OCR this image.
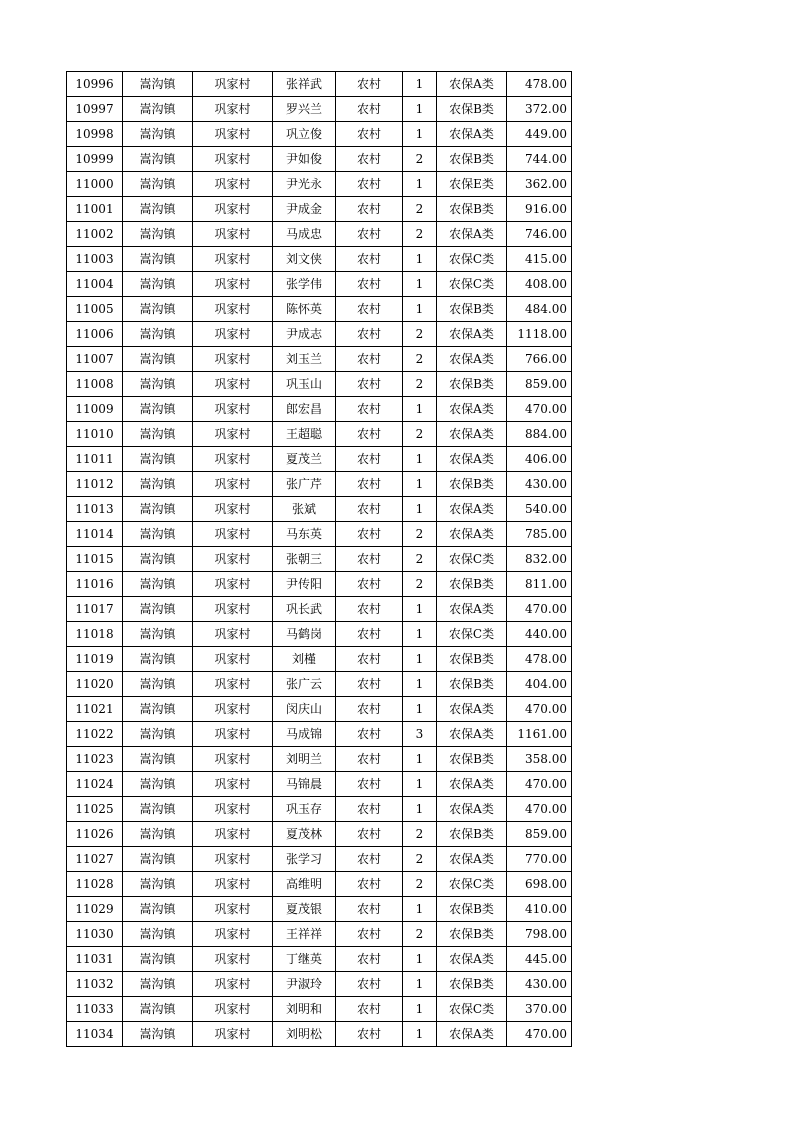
10996	嵩沟镇	巩家村	张祥武	农村	1	农保A类	478.00
10997	嵩沟镇	巩家村	罗兴兰	农村	1	农保B类	372.00
10998	嵩沟镇	巩家村	巩立俊	农村	1	农保A类	449.00
10999	嵩沟镇	巩家村	尹如俊	农村	2	农保B类	744.00
11000	嵩沟镇	巩家村	尹光永	农村	1	农保E类	362.00
11001	嵩沟镇	巩家村	尹成金	农村	2	农保B类	916.00
11002	嵩沟镇	巩家村	马成忠	农村	2	农保A类	746.00
11003	嵩沟镇	巩家村	刘文侠	农村	1	农保C类	415.00
11004	嵩沟镇	巩家村	张学伟	农村	1	农保C类	408.00
11005	嵩沟镇	巩家村	陈怀英	农村	1	农保B类	484.00
11006	嵩沟镇	巩家村	尹成志	农村	2	农保A类	1118.00
11007	嵩沟镇	巩家村	刘玉兰	农村	2	农保A类	766.00
11008	嵩沟镇	巩家村	巩玉山	农村	2	农保B类	859.00
11009	嵩沟镇	巩家村	郎宏昌	农村	1	农保A类	470.00
11010	嵩沟镇	巩家村	王超聪	农村	2	农保A类	884.00
11011	嵩沟镇	巩家村	夏茂兰	农村	1	农保A类	406.00
11012	嵩沟镇	巩家村	张广芹	农村	1	农保B类	430.00
11013	嵩沟镇	巩家村	张斌	农村	1	农保A类	540.00
11014	嵩沟镇	巩家村	马东英	农村	2	农保A类	785.00
11015	嵩沟镇	巩家村	张朝三	农村	2	农保C类	832.00
11016	嵩沟镇	巩家村	尹传阳	农村	2	农保B类	811.00
11017	嵩沟镇	巩家村	巩长武	农村	1	农保A类	470.00
11018	嵩沟镇	巩家村	马鹤岗	农村	1	农保C类	440.00
11019	嵩沟镇	巩家村	刘槿	农村	1	农保B类	478.00
11020	嵩沟镇	巩家村	张广云	农村	1	农保B类	404.00
11021	嵩沟镇	巩家村	闵庆山	农村	1	农保A类	470.00
11022	嵩沟镇	巩家村	马成锦	农村	3	农保A类	1161.00
11023	嵩沟镇	巩家村	刘明兰	农村	1	农保B类	358.00
11024	嵩沟镇	巩家村	马锦晨	农村	1	农保A类	470.00
11025	嵩沟镇	巩家村	巩玉存	农村	1	农保A类	470.00
11026	嵩沟镇	巩家村	夏茂林	农村	2	农保B类	859.00
11027	嵩沟镇	巩家村	张学习	农村	2	农保A类	770.00
11028	嵩沟镇	巩家村	高维明	农村	2	农保C类	698.00
11029	嵩沟镇	巩家村	夏茂银	农村	1	农保B类	410.00
11030	嵩沟镇	巩家村	王祥祥	农村	2	农保B类	798.00
11031	嵩沟镇	巩家村	丁继英	农村	1	农保A类	445.00
11032	嵩沟镇	巩家村	尹淑玲	农村	1	农保B类	430.00
11033	嵩沟镇	巩家村	刘明和	农村	1	农保C类	370.00
11034	嵩沟镇	巩家村	刘明松	农村	1	农保A类	470.00
